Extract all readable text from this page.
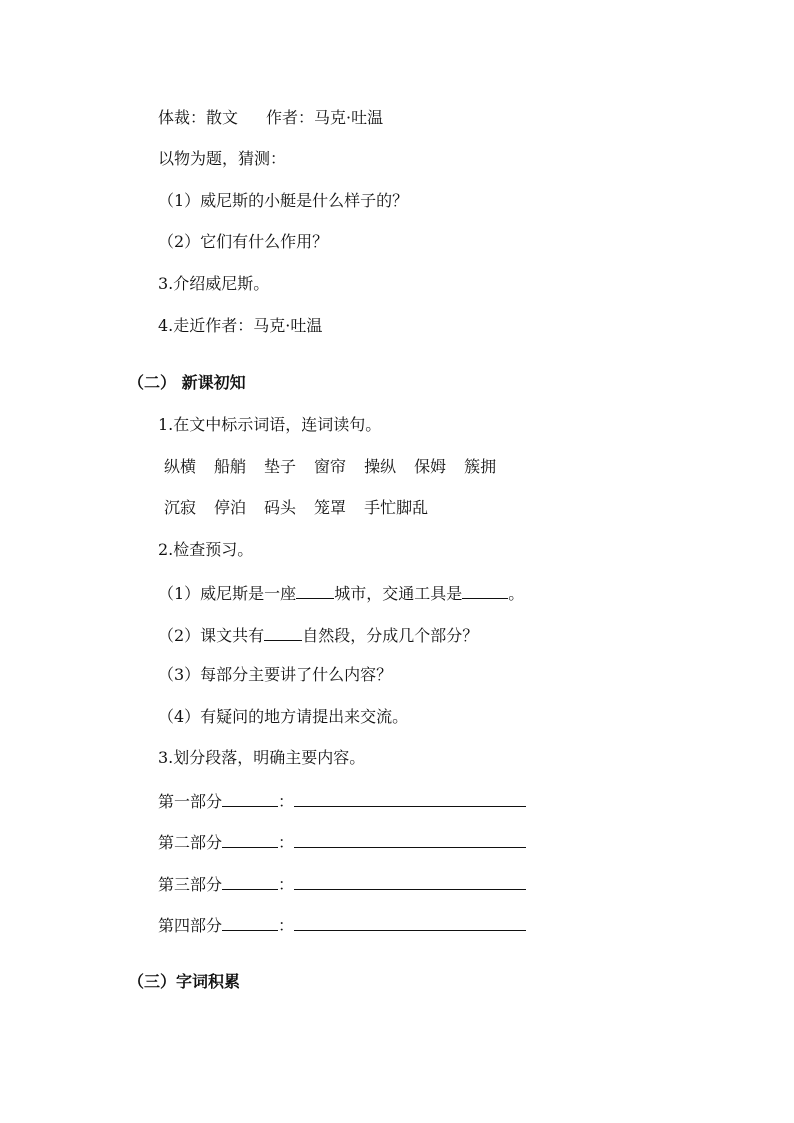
体裁：散文 作者：马克·吐温
以物为题，猜测：
（1）威尼斯的小艇是什么样子的？
（2）它们有什么作用？
3.介绍威尼斯。
4.走近作者：马克·吐温
（二） 新课初知
1.在文中标示词语，连词读句。
纵横 船艄 垫子 窗帘 操纵 保姆 簇拥
沉寂 停泊 码头 笼罩 手忙脚乱
2.检查预习。
（1）威尼斯是一座 城市，交通工具是	。
（2）课文共有 自然段，分成几个部分？
（3）每部分主要讲了什么内容？
（4）有疑问的地方请提出来交流。
3.划分段落，明确主要内容。
第一部分	：
第二部分	：
第三部分	：
第四部分	：
（三）字词积累
